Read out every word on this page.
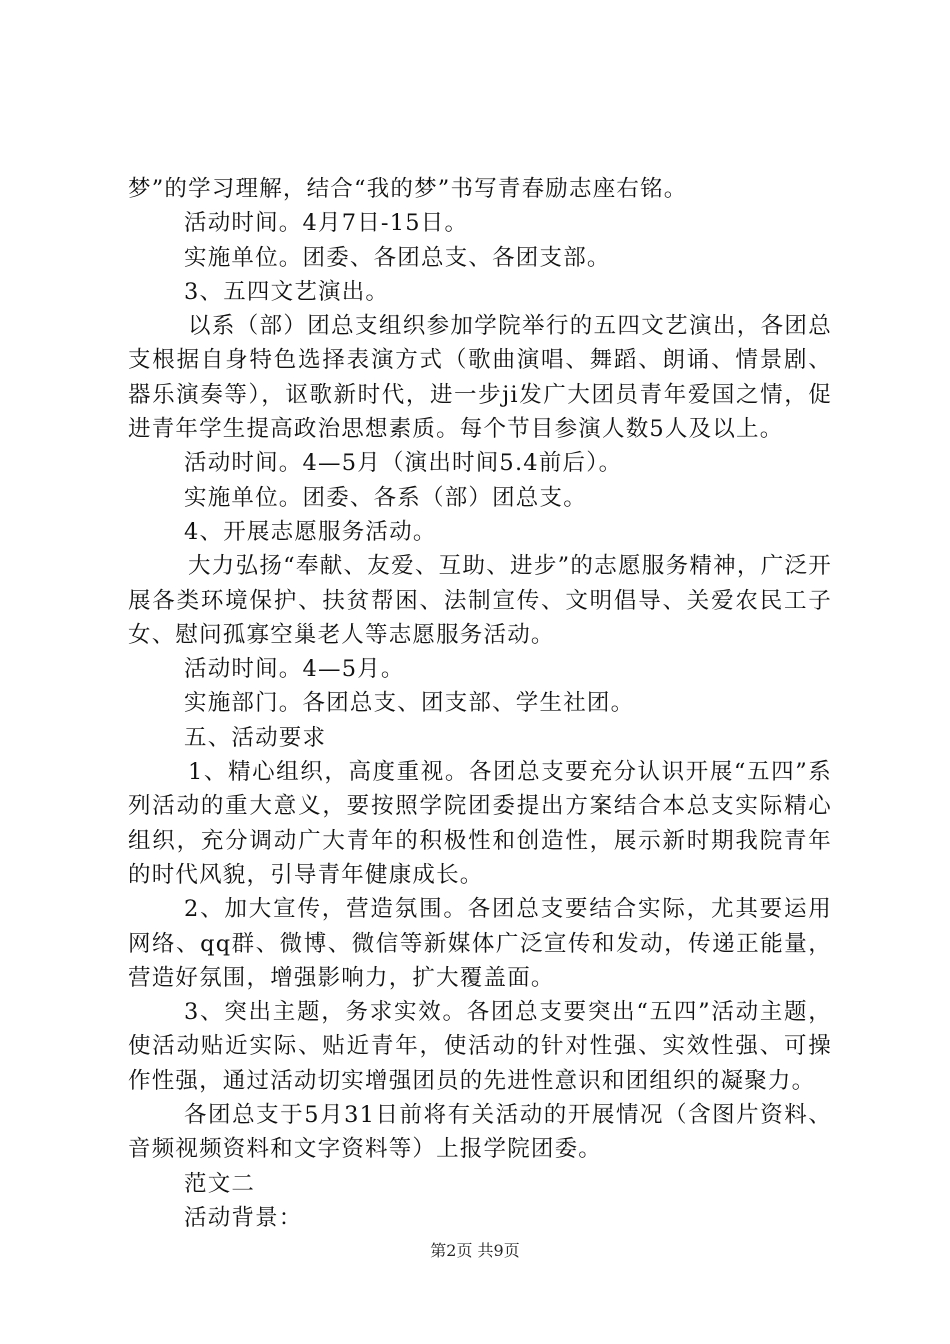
梦”的学习理解，结合“我的梦”书写青春励志座右铭。

活动时间。4月7日-15日。

实施单位。团委、各团总支、各团支部。

3、五四文艺演出。

以系（部）团总支组织参加学院举行的五四文艺演出，各团总支根据自身特色选择表演方式（歌曲演唱、舞蹈、朗诵、情景剧、器乐演奏等），讴歌新时代，进一步ji发广大团员青年爱国之情，促进青年学生提高政治思想素质。每个节目参演人数5人及以上。

活动时间。4—5月（演出时间5.4前后）。

实施单位。团委、各系（部）团总支。

4、开展志愿服务活动。

大力弘扬“奉献、友爱、互助、进步”的志愿服务精神，广泛开展各类环境保护、扶贫帮困、法制宣传、文明倡导、关爱农民工子女、慰问孤寡空巢老人等志愿服务活动。

活动时间。4—5月。

实施部门。各团总支、团支部、学生社团。

五、活动要求

1、精心组织，高度重视。各团总支要充分认识开展“五四”系列活动的重大意义，要按照学院团委提出方案结合本总支实际精心组织，充分调动广大青年的积极性和创造性，展示新时期我院青年的时代风貌，引导青年健康成长。

2、加大宣传，营造氛围。各团总支要结合实际，尤其要运用网络、qq群、微博、微信等新媒体广泛宣传和发动，传递正能量，营造好氛围，增强影响力，扩大覆盖面。

3、突出主题，务求实效。各团总支要突出“五四”活动主题，使活动贴近实际、贴近青年，使活动的针对性强、实效性强、可操作性强，通过活动切实增强团员的先进性意识和团组织的凝聚力。

各团总支于5月31日前将有关活动的开展情况（含图片资料、音频视频资料和文字资料等）上报学院团委。

范文二

活动背景：

第2页 共9页
